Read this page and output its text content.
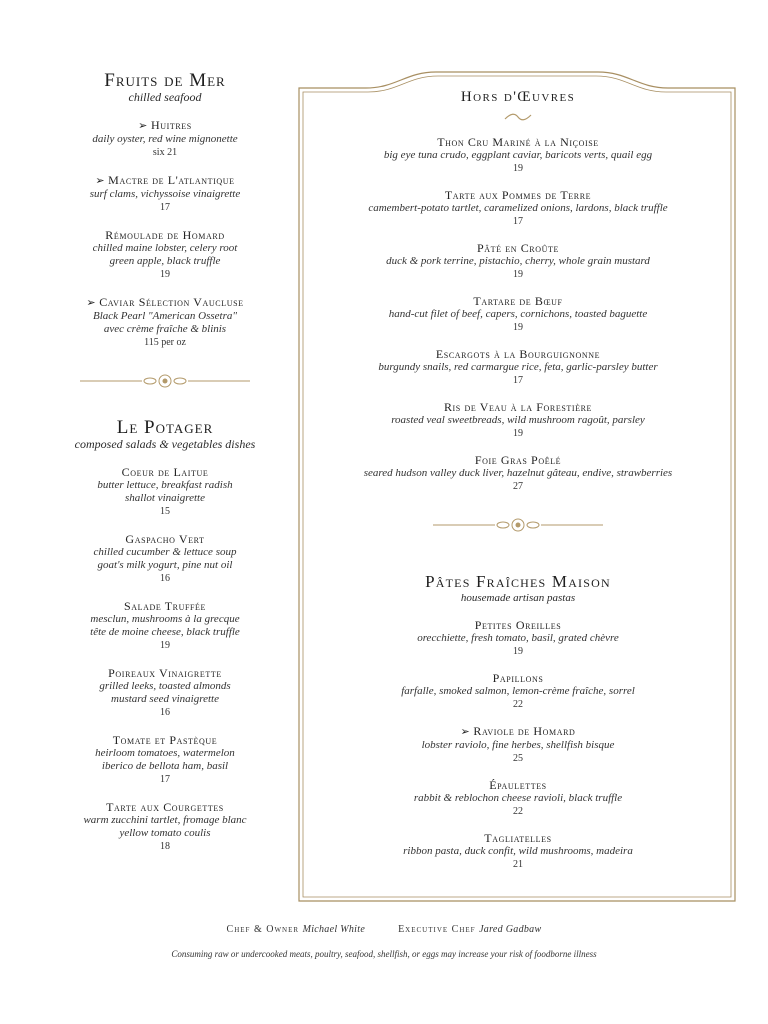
Fruits de Mer
chilled seafood
➢ Huitres
daily oyster, red wine mignonette
six 21
➢ Mactre de L'atlantique
surf clams, vichyssoise vinaigrette
17
Rémoulade de Homard
chilled maine lobster, celery root
green apple, black truffle
19
➢ Caviar Sélection Vaucluse
Black Pearl "American Ossetra"
avec crème fraîche & blinis
115 per oz
Le Potager
composed salads & vegetables dishes
Coeur de Laitue
butter lettuce, breakfast radish
shallot vinaigrette
15
Gaspacho Vert
chilled cucumber & lettuce soup
goat's milk yogurt, pine nut oil
16
Salade Truffée
mesclun, mushrooms à la grecque
tête de moine cheese, black truffle
19
Poireaux Vinaigrette
grilled leeks, toasted almonds
mustard seed vinaigrette
16
Tomate et Pastèque
heirloom tomatoes, watermelon
iberico de bellota ham, basil
17
Tarte aux Courgettes
warm zucchini tartlet, fromage blanc
yellow tomato coulis
18
Hors d'Œuvres
Thon Cru Mariné à la Niçoise
big eye tuna crudo, eggplant caviar, baricots verts, quail egg
19
Tarte aux Pommes de Terre
camembert-potato tartlet, caramelized onions, lardons, black truffle
17
Pâté en Croûte
duck & pork terrine, pistachio, cherry, whole grain mustard
19
Tartare de Bœuf
hand-cut filet of beef, capers, cornichons, toasted baguette
19
Escargots à la Bourguignonne
burgundy snails, red carmargue rice, feta, garlic-parsley butter
17
Ris de Veau à la Forestière
roasted veal sweetbreads, wild mushroom ragoût, parsley
19
Foie Gras Poêlé
seared hudson valley duck liver, hazelnut gâteau, endive, strawberries
27
Pâtes Fraîches Maison
housemade artisan pastas
Petites Oreilles
orecchiette, fresh tomato, basil, grated chèvre
19
Papillons
farfalle, smoked salmon, lemon-crème fraîche, sorrel
22
➢ Raviole de Homard
lobster raviolo, fine herbes, shellfish bisque
25
Épaulettes
rabbit & reblochon cheese ravioli, black truffle
22
Tagliatelles
ribbon pasta, duck confit, wild mushrooms, madeira
21
Chef & Owner Michael White	Executive Chef Jared Gadbaw
Consuming raw or undercooked meats, poultry, seafood, shellfish, or eggs may increase your risk of foodborne illness
